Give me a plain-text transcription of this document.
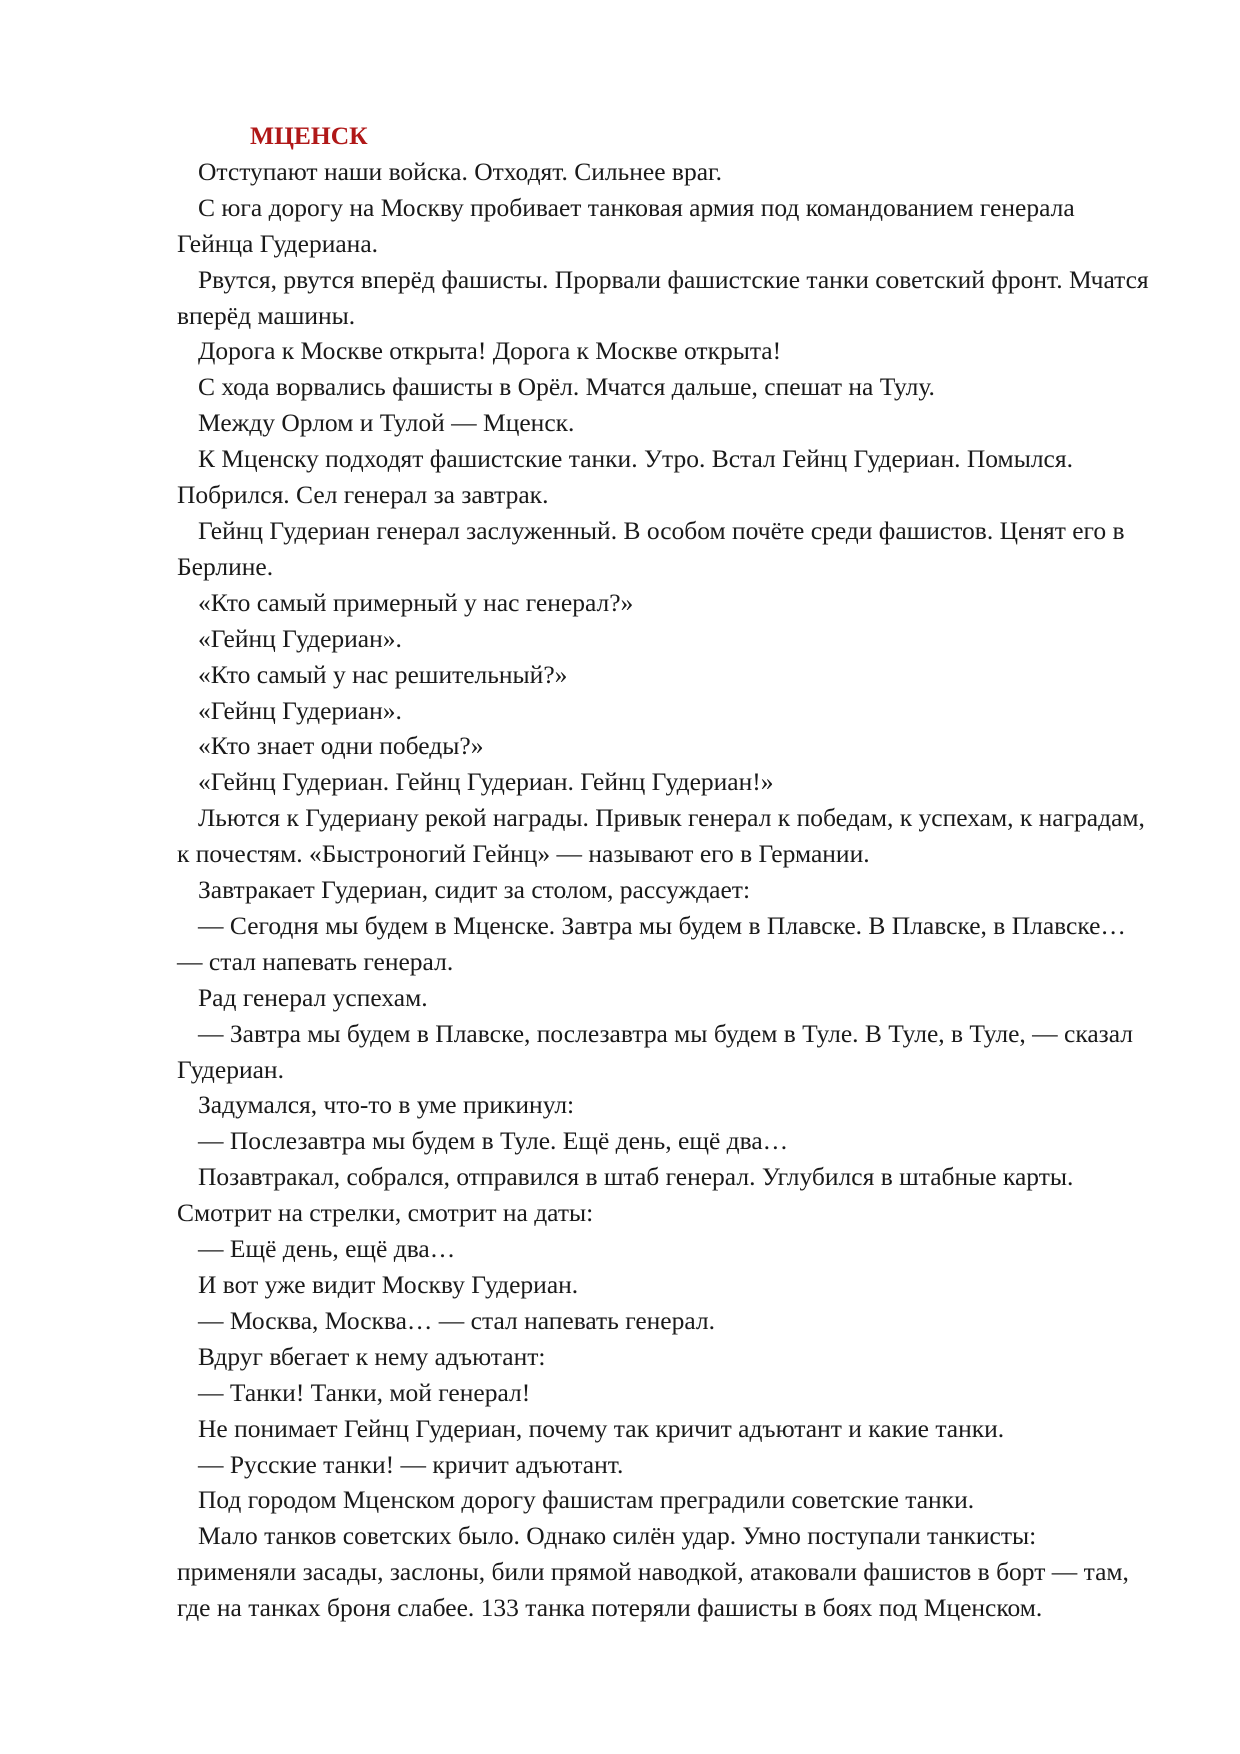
МЦЕНСК

Отступают наши войска. Отходят. Сильнее враг.

С юга дорогу на Москву пробивает танковая армия под командованием генерала Гейнца Гудериана.

Рвутся, рвутся вперёд фашисты. Прорвали фашистские танки советский фронт. Мчатся вперёд машины.

Дорога к Москве открыта! Дорога к Москве открыта!

С хода ворвались фашисты в Орёл. Мчатся дальше, спешат на Тулу.

Между Орлом и Тулой — Мценск.

К Мценску подходят фашистские танки. Утро. Встал Гейнц Гудериан. Помылся. Побрился. Сел генерал за завтрак.

Гейнц Гудериан генерал заслуженный. В особом почёте среди фашистов. Ценят его в Берлине.

«Кто самый примерный у нас генерал?»

«Гейнц Гудериан».

«Кто самый у нас решительный?»

«Гейнц Гудериан».

«Кто знает одни победы?»

«Гейнц Гудериан. Гейнц Гудериан. Гейнц Гудериан!»

Льются к Гудериану рекой награды. Привык генерал к победам, к успехам, к наградам, к почестям. «Быстроногий Гейнц» — называют его в Германии.

Завтракает Гудериан, сидит за столом, рассуждает:

— Сегодня мы будем в Мценске. Завтра мы будем в Плавске. В Плавске, в Плавске… — стал напевать генерал.

Рад генерал успехам.

— Завтра мы будем в Плавске, послезавтра мы будем в Туле. В Туле, в Туле, — сказал Гудериан.

Задумался, что-то в уме прикинул:

— Послезавтра мы будем в Туле. Ещё день, ещё два…

Позавтракал, собрался, отправился в штаб генерал. Углубился в штабные карты. Смотрит на стрелки, смотрит на даты:

— Ещё день, ещё два…

И вот уже видит Москву Гудериан.

— Москва, Москва… — стал напевать генерал.

Вдруг вбегает к нему адъютант:

— Танки! Танки, мой генерал!

Не понимает Гейнц Гудериан, почему так кричит адъютант и какие танки.

— Русские танки! — кричит адъютант.

Под городом Мценском дорогу фашистам преградили советские танки.

Мало танков советских было. Однако силён удар. Умно поступали танкисты: применяли засады, заслоны, били прямой наводкой, атаковали фашистов в борт — там, где на танках броня слабее. 133 танка потеряли фашисты в боях под Мценском.
